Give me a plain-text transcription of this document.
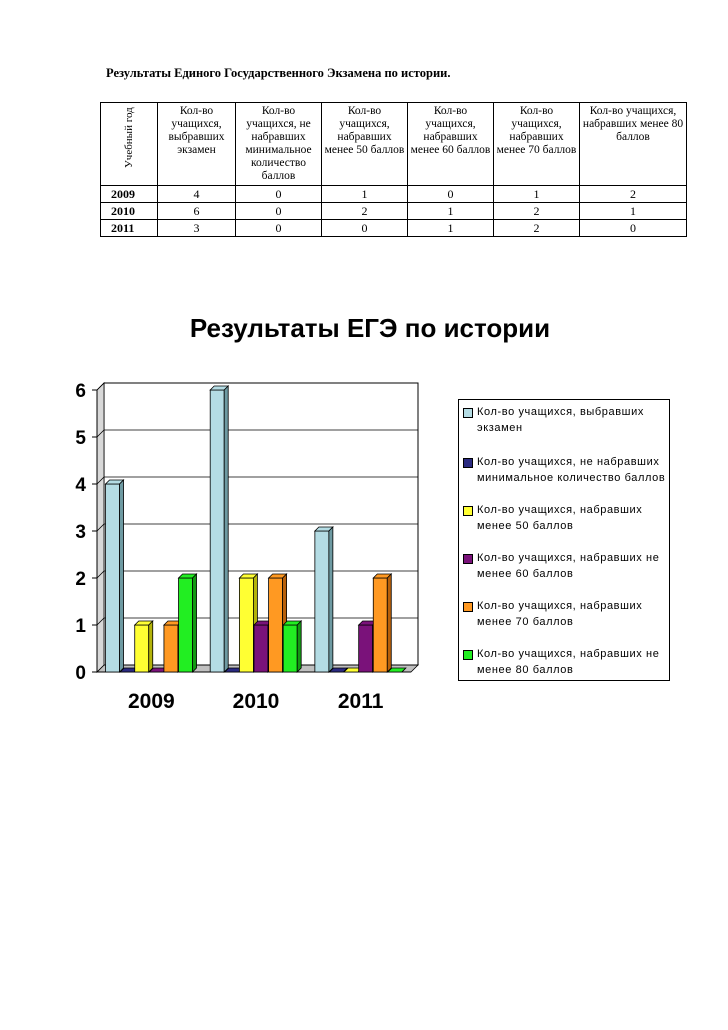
Результаты Единого Государственного Экзамена по истории.
Учебный год	Кол-во учащихся, выбравших экзамен	Кол-во учащихся, не набравших минимальное количество баллов	Кол-во учащихся, набравших менее 50 баллов	Кол-во учащихся, набравших менее 60 баллов	Кол-во учащихся, набравших менее 70 баллов	Кол-во учащихся, набравших менее 80 баллов
2009	4	0	1	0	1	2
2010	6	0	2	1	2	1
2011	3	0	0	1	2	0
Результаты ЕГЭ по истории
0
1
2
3
4
5
6
2009	2010	2011
Кол-во учащихся, выбравших экзамен
Кол-во учащихся, не набравших минимальное количество баллов
Кол-во учащихся, набравших менее 50 баллов
Кол-во учащихся, набравших не менее 60 баллов
Кол-во учащихся, набравших менее 70 баллов
Кол-во учащихся, набравших не менее 80 баллов
